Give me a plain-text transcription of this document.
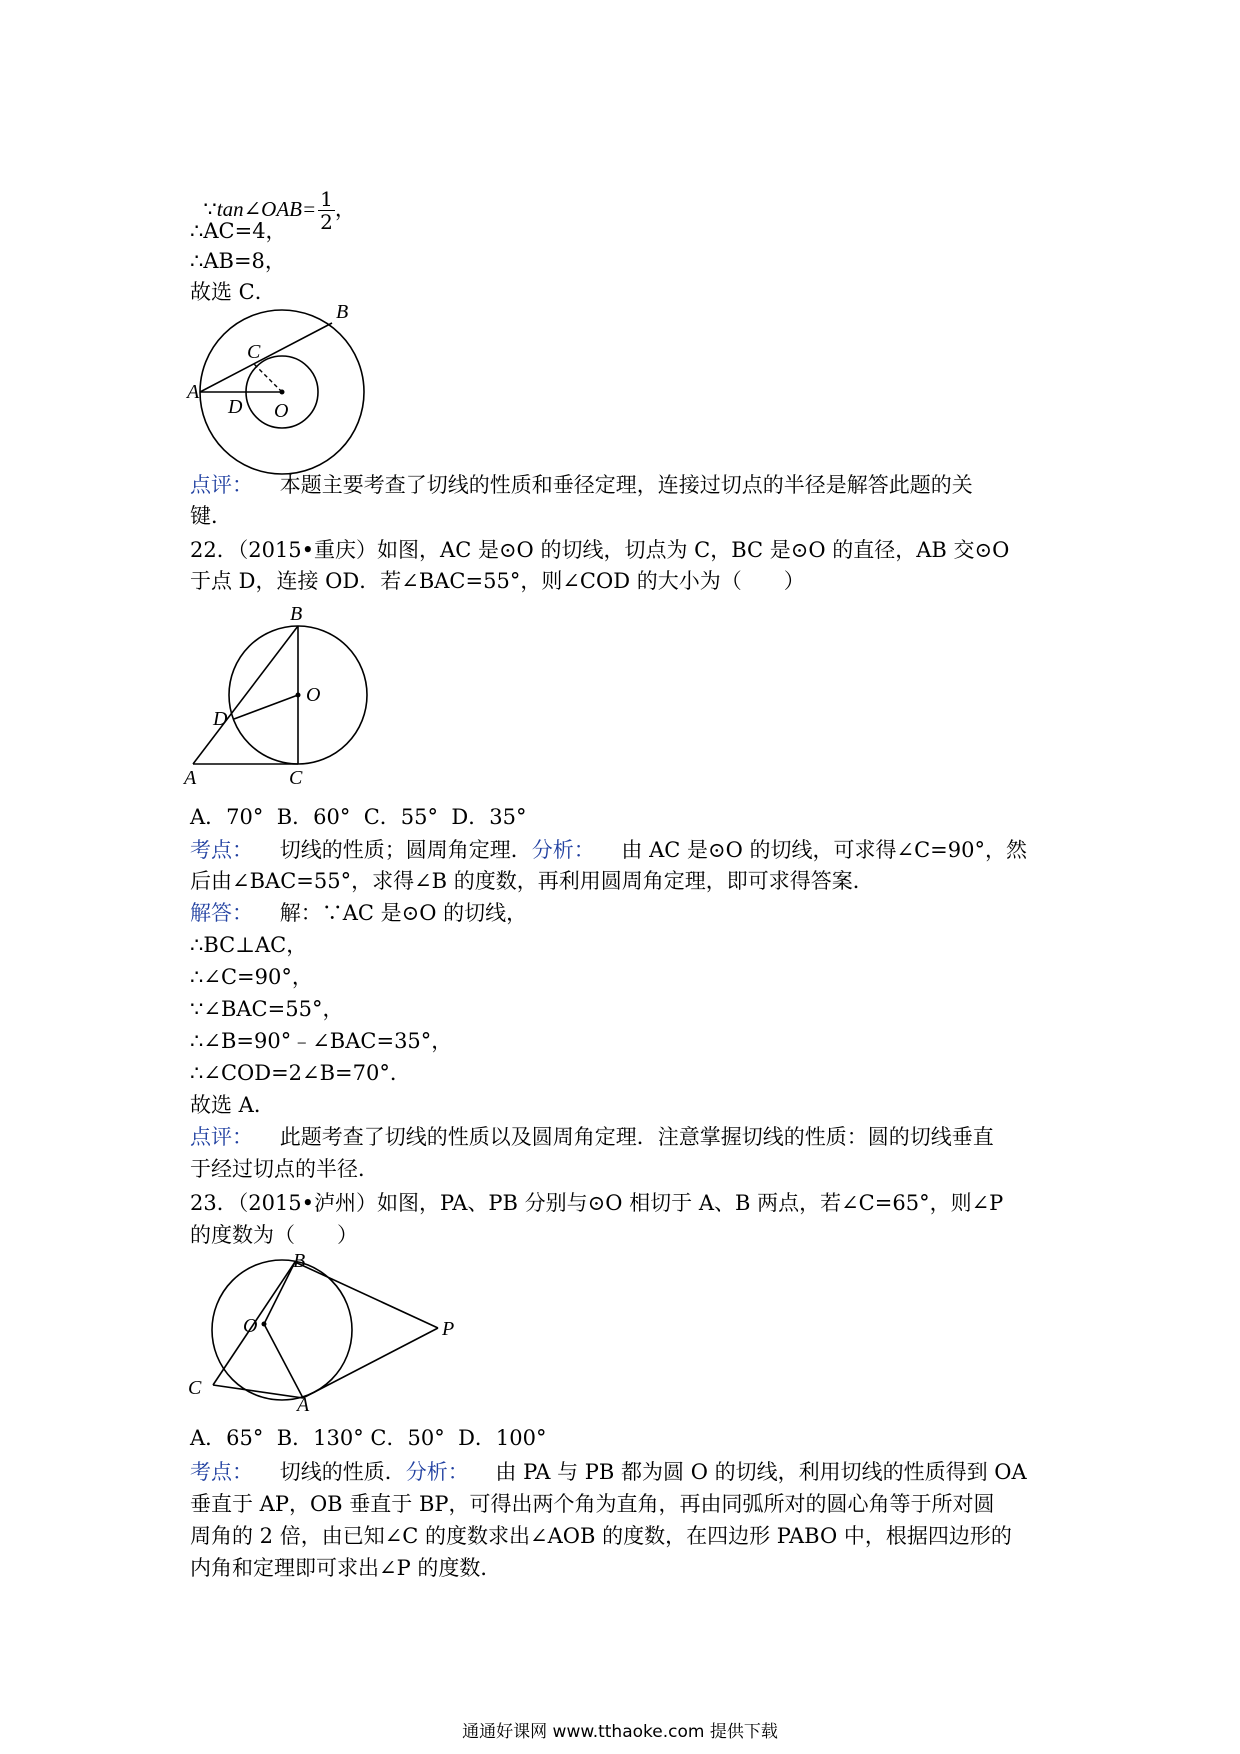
∵tan∠OAB= $\frac{1}{2}$ ，

∴AC=4，
∴AB=8，
故选 C．
B
C
A
D O
点评： 本题主要考查了切线的性质和垂径定理，连接过切点的半径是解答此题的关
键．
22．（2015•重庆）如图，AC 是⊙O 的切线，切点为 C，BC 是⊙O 的直径，AB 交⊙O
于点 D，连接 OD．若∠BAC=55°，则∠COD 的大小为（　　）
B
O
D
A	C
A．70°  B．60°  C．55°  D．35°
考点： 切线的性质；圆周角定理．分析： 由 AC 是⊙O 的切线，可求得∠C=90°，然
后由∠BAC=55°，求得∠B 的度数，再利用圆周角定理，即可求得答案．
解答： 解：∵AC 是⊙O 的切线，
∴BC⊥AC，
∴∠C=90°，
∵∠BAC=55°，
∴∠B=90°﹣∠BAC=35°，
∴∠COD=2∠B=70°．
故选 A．
点评： 此题考查了切线的性质以及圆周角定理．注意掌握切线的性质：圆的切线垂直
于经过切点的半径．
23．（2015•泸州）如图，PA、PB 分别与⊙O 相切于 A、B 两点，若∠C=65°，则∠P
的度数为（　　）
B
O	P
C
A
A．65°  B．130° C．50°  D．100°
考点： 切线的性质．分析： 由 PA 与 PB 都为圆 O 的切线，利用切线的性质得到 OA
垂直于 AP，OB 垂直于 BP，可得出两个角为直角，再由同弧所对的圆心角等于所对圆
周角的 2 倍，由已知∠C 的度数求出∠AOB 的度数，在四边形 PABO 中，根据四边形的
内角和定理即可求出∠P 的度数．
通通好课网 www.tthaoke.com 提供下载
